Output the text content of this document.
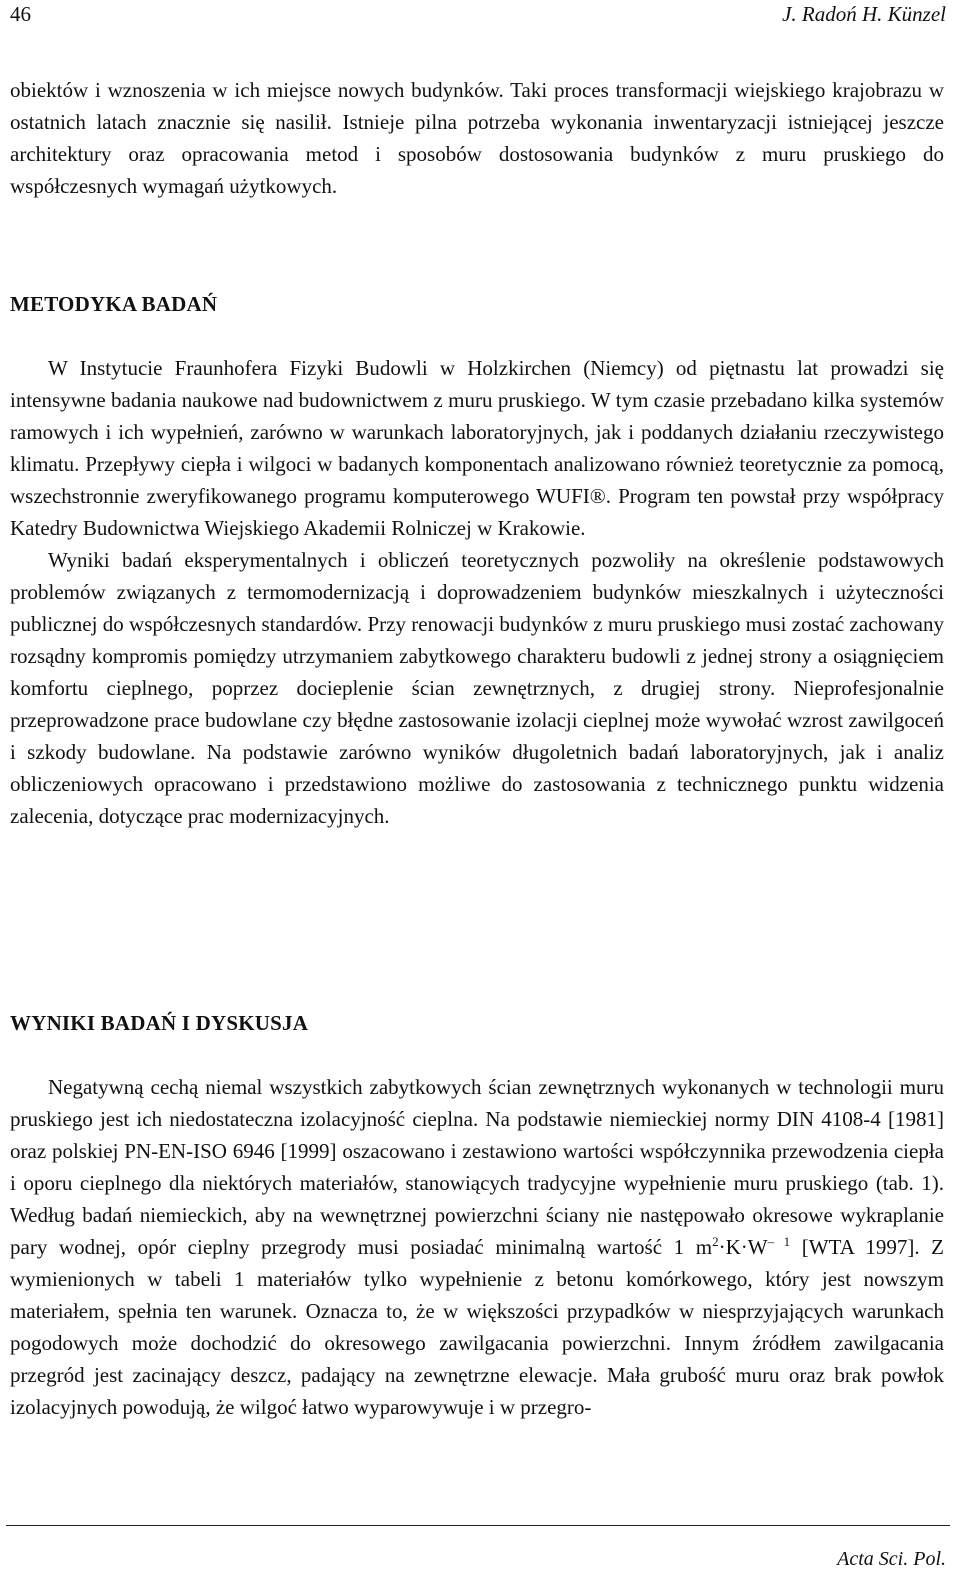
46	J. Radoń H. Künzel

obiektów i wznoszenia w ich miejsce nowych budynków. Taki proces transformacji wiejskiego krajobrazu w ostatnich latach znacznie się nasilił. Istnieje pilna potrzeba wykonania inwentaryzacji istniejącej jeszcze architektury oraz opracowania metod i sposobów dostosowania budynków z muru pruskiego do współczesnych wymagań użytkowych.

METODYKA BADAŃ

W Instytucie Fraunhofera Fizyki Budowli w Holzkirchen (Niemcy) od piętnastu lat prowadzi się intensywne badania naukowe nad budownictwem z muru pruskiego. W tym czasie przebadano kilka systemów ramowych i ich wypełnień, zarówno w warunkach laboratoryjnych, jak i poddanych działaniu rzeczywistego klimatu. Przepływy ciepła i wilgoci w badanych komponentach analizowano również teoretycznie za pomocą, wszechstronnie zweryfikowanego programu komputerowego WUFI®. Program ten powstał przy współpracy Katedry Budownictwa Wiejskiego Akademii Rolniczej w Krakowie.

Wyniki badań eksperymentalnych i obliczeń teoretycznych pozwoliły na określenie podstawowych problemów związanych z termomodernizacją i doprowadzeniem budynków mieszkalnych i użyteczności publicznej do współczesnych standardów. Przy renowacji budynków z muru pruskiego musi zostać zachowany rozsądny kompromis pomiędzy utrzymaniem zabytkowego charakteru budowli z jednej strony a osiągnięciem komfortu cieplnego, poprzez docieplenie ścian zewnętrznych, z drugiej strony. Nieprofesjonalnie przeprowadzone prace budowlane czy błędne zastosowanie izolacji cieplnej może wywołać wzrost zawilgoceń i szkody budowlane. Na podstawie zarówno wyników długoletnich badań laboratoryjnych, jak i analiz obliczeniowych opracowano i przedstawiono możliwe do zastosowania z technicznego punktu widzenia zalecenia, dotyczące prac modernizacyjnych.

WYNIKI BADAŃ I DYSKUSJA

Negatywną cechą niemal wszystkich zabytkowych ścian zewnętrznych wykonanych w technologii muru pruskiego jest ich niedostateczna izolacyjność cieplna. Na podstawie niemieckiej normy DIN 4108-4 [1981] oraz polskiej PN-EN-ISO 6946 [1999] oszacowano i zestawiono wartości współczynnika przewodzenia ciepła i oporu cieplnego dla niektórych materiałów, stanowiących tradycyjne wypełnienie muru pruskiego (tab. 1). Według badań niemieckich, aby na wewnętrznej powierzchni ściany nie następowało okresowe wykraplanie pary wodnej, opór cieplny przegrody musi posiadać minimalną wartość 1 $m^2\cdot K\cdot W^{- 1}$ [WTA 1997]. Z wymienionych w tabeli 1 materiałów tylko wypełnienie z betonu komórkowego, który jest nowszym materiałem, spełnia ten warunek. Oznacza to, że w większości przypadków w niesprzyjających warunkach pogodowych może dochodzić do okresowego zawilgacania powierzchni. Innym źródłem zawilgacania przegród jest zacinający deszcz, padający na zewnętrzne elewacje. Mała grubość muru oraz brak powłok izolacyjnych powodują, że wilgoć łatwo wyparowywuje i w przegro-

Acta Sci. Pol.
